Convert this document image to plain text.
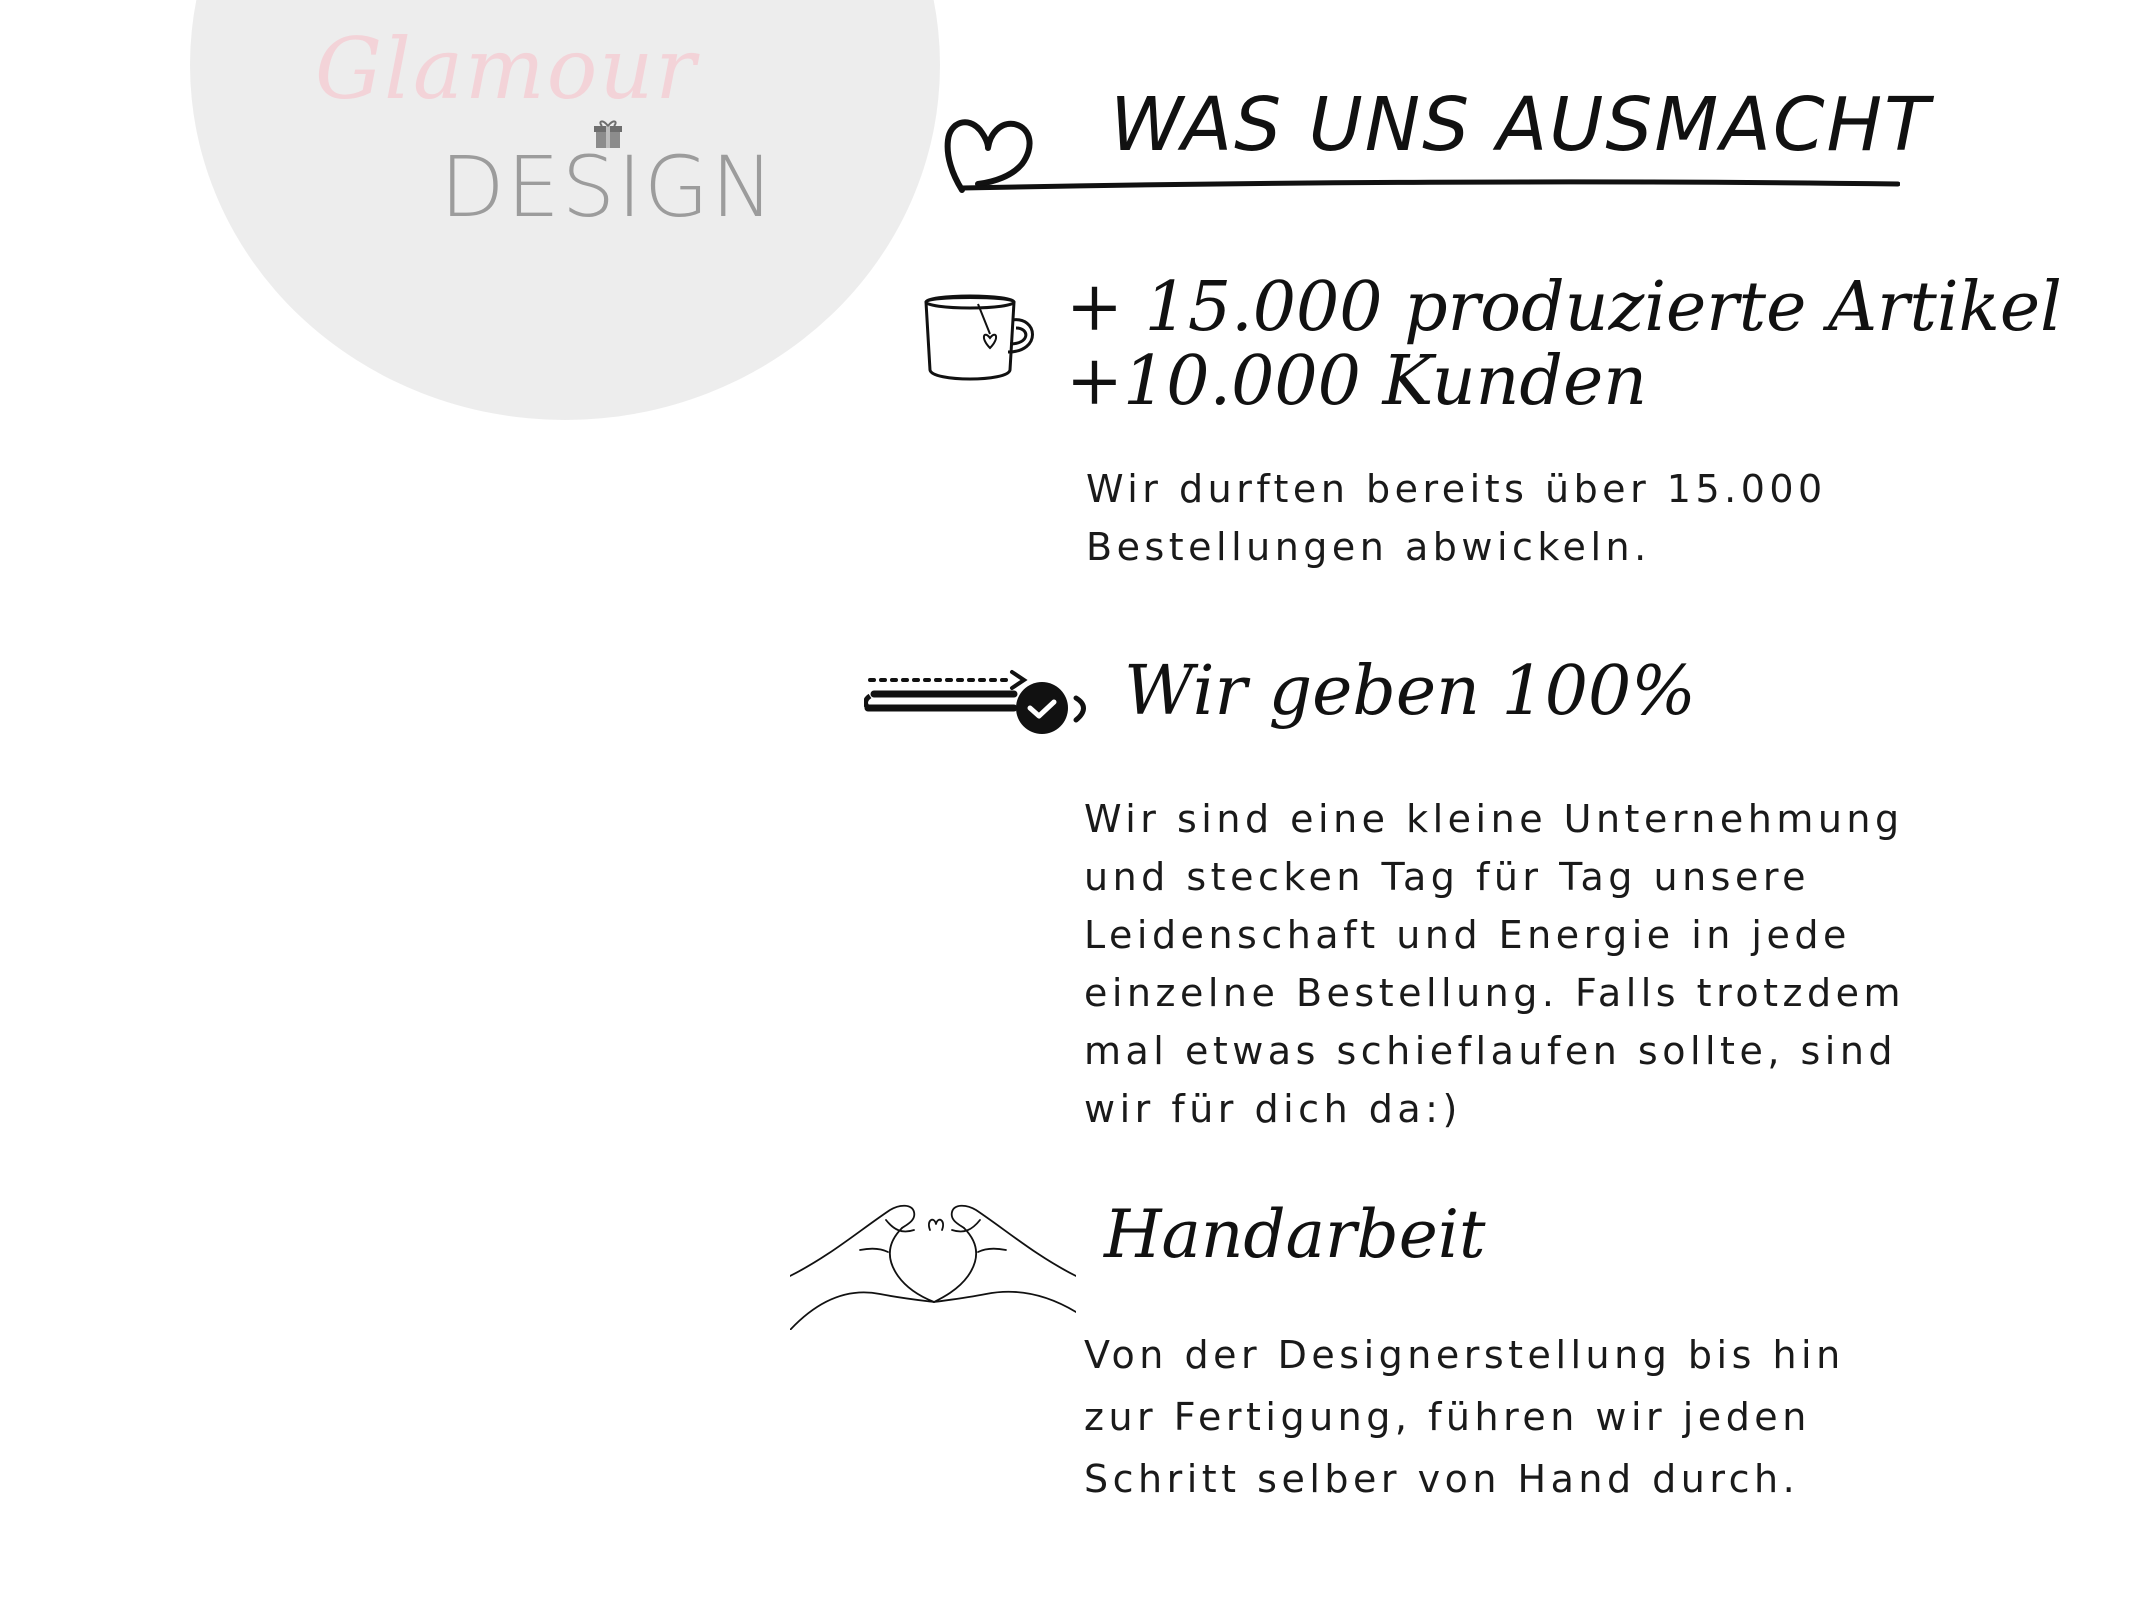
Glamour
DESIGN
WAS UNS AUSMACHT
+ 15.000 produzierte Artikel
+10.000 Kunden
Wir durften bereits über 15.000
Bestellungen abwickeln.
Wir geben 100%
Wir sind eine kleine Unternehmung
und stecken Tag für Tag unsere
Leidenschaft und Energie in jede
einzelne Bestellung. Falls trotzdem
mal etwas schieflaufen sollte, sind
wir für dich da:)
Handarbeit
Von der Designerstellung bis hin
zur Fertigung, führen wir jeden
Schritt selber von Hand durch.
